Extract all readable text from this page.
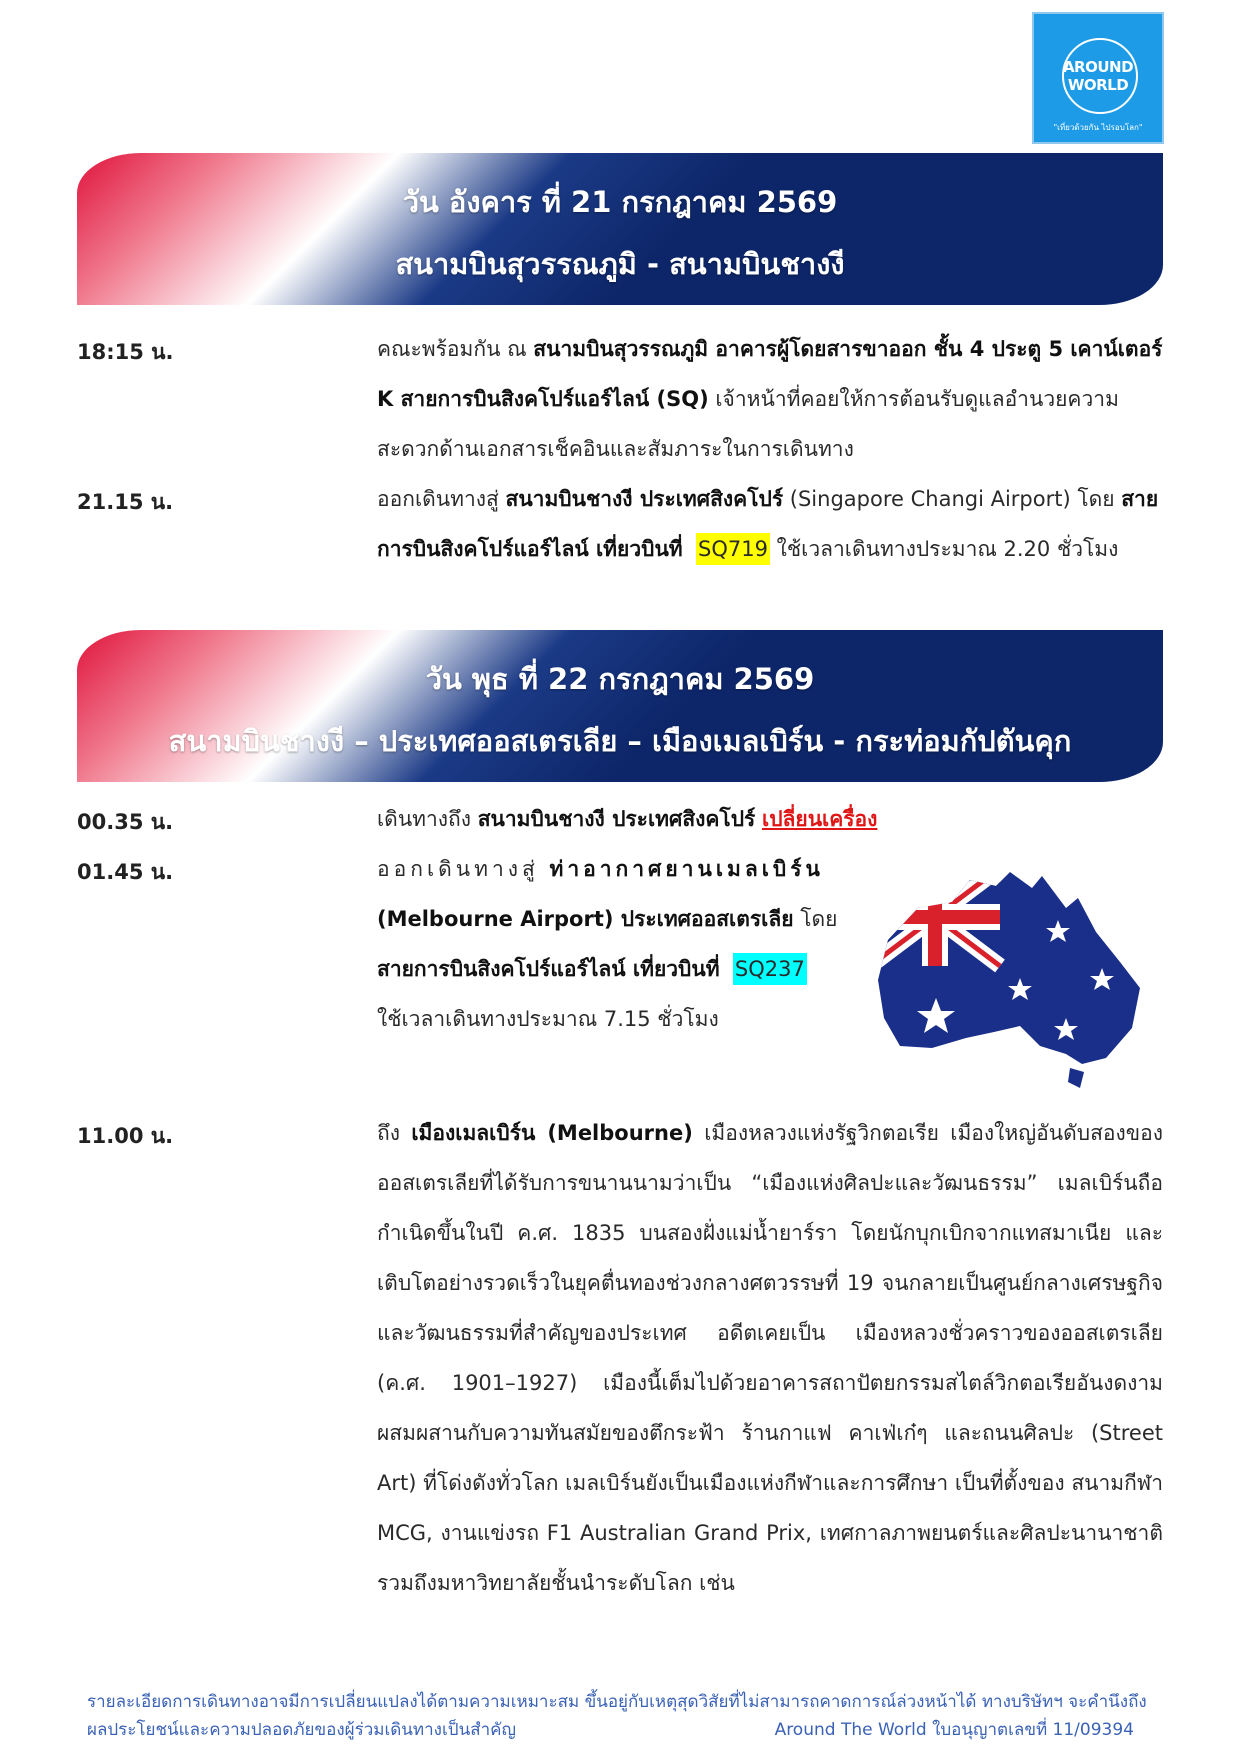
AROUND
WORLD
"เที่ยวด้วยกัน ไปรอบโลก"
วัน อังคาร ที่ 21 กรกฎาคม 2569
สนามบินสุวรรณภูมิ - สนามบินชางงี
18:15 น.	คณะพร้อมกัน ณ สนามบินสุวรรณภูมิ อาคารผู้โดยสารขาออก ชั้น 4 ประตู 5 เคาน์เตอร์ K สายการบินสิงคโปร์แอร์ไลน์ (SQ) เจ้าหน้าที่คอยให้การต้อนรับดูแลอำนวยความสะดวกด้านเอกสารเช็คอินและสัมภาระในการเดินทาง
21.15 น.	ออกเดินทางสู่ สนามบินชางงี ประเทศสิงคโปร์ (Singapore Changi Airport) โดย สายการบินสิงคโปร์แอร์ไลน์ เที่ยวบินที่ SQ719 ใช้เวลาเดินทางประมาณ 2.20 ชั่วโมง
วัน พุธ ที่ 22 กรกฎาคม 2569
สนามบินชางงี – ประเทศออสเตรเลีย – เมืองเมลเบิร์น - กระท่อมกัปตันคุก
00.35 น.	เดินทางถึง สนามบินชางงี ประเทศสิงคโปร์ เปลี่ยนเครื่อง
01.45 น.	ออกเดินทางสู่ ท่าอากาศยานเมลเบิร์น
(Melbourne Airport) ประเทศออสเตรเลีย โดย
สายการบินสิงคโปร์แอร์ไลน์ เที่ยวบินที่ SQ237
ใช้เวลาเดินทางประมาณ 7.15 ชั่วโมง
11.00 น.	ถึง เมืองเมลเบิร์น (Melbourne) เมืองหลวงแห่งรัฐวิกตอเรีย เมืองใหญ่อันดับสองของออสเตรเลียที่ได้รับการขนานนามว่าเป็น “เมืองแห่งศิลปะและวัฒนธรรม” เมลเบิร์นถือกำเนิดขึ้นในปี ค.ศ. 1835 บนสองฝั่งแม่น้ำยาร์รา โดยนักบุกเบิกจากแทสมาเนีย และเติบโตอย่างรวดเร็วในยุคตื่นทองช่วงกลางศตวรรษที่ 19 จนกลายเป็นศูนย์กลางเศรษฐกิจและวัฒนธรรมที่สำคัญของประเทศ อดีตเคยเป็น เมืองหลวงชั่วคราวของออสเตรเลีย (ค.ศ. 1901–1927) เมืองนี้เต็มไปด้วยอาคารสถาปัตยกรรมสไตล์วิกตอเรียอันงดงาม ผสมผสานกับความทันสมัยของตึกระฟ้า ร้านกาแฟ คาเฟ่เก๋ๆ และถนนศิลปะ (Street Art) ที่โด่งดังทั่วโลก เมลเบิร์นยังเป็นเมืองแห่งกีฬาและการศึกษา เป็นที่ตั้งของ สนามกีฬา MCG, งานแข่งรถ F1 Australian Grand Prix, เทศกาลภาพยนตร์และศิลปะนานาชาติ รวมถึงมหาวิทยาลัยชั้นนำระดับโลก เช่น
รายละเอียดการเดินทางอาจมีการเปลี่ยนแปลงได้ตามความเหมาะสม ขึ้นอยู่กับเหตุสุดวิสัยที่ไม่สามารถคาดการณ์ล่วงหน้าได้ ทางบริษัทฯ จะคำนึงถึง
ผลประโยชน์และความปลอดภัยของผู้ร่วมเดินทางเป็นสำคัญ	Around The World ใบอนุญาตเลขที่ 11/09394
